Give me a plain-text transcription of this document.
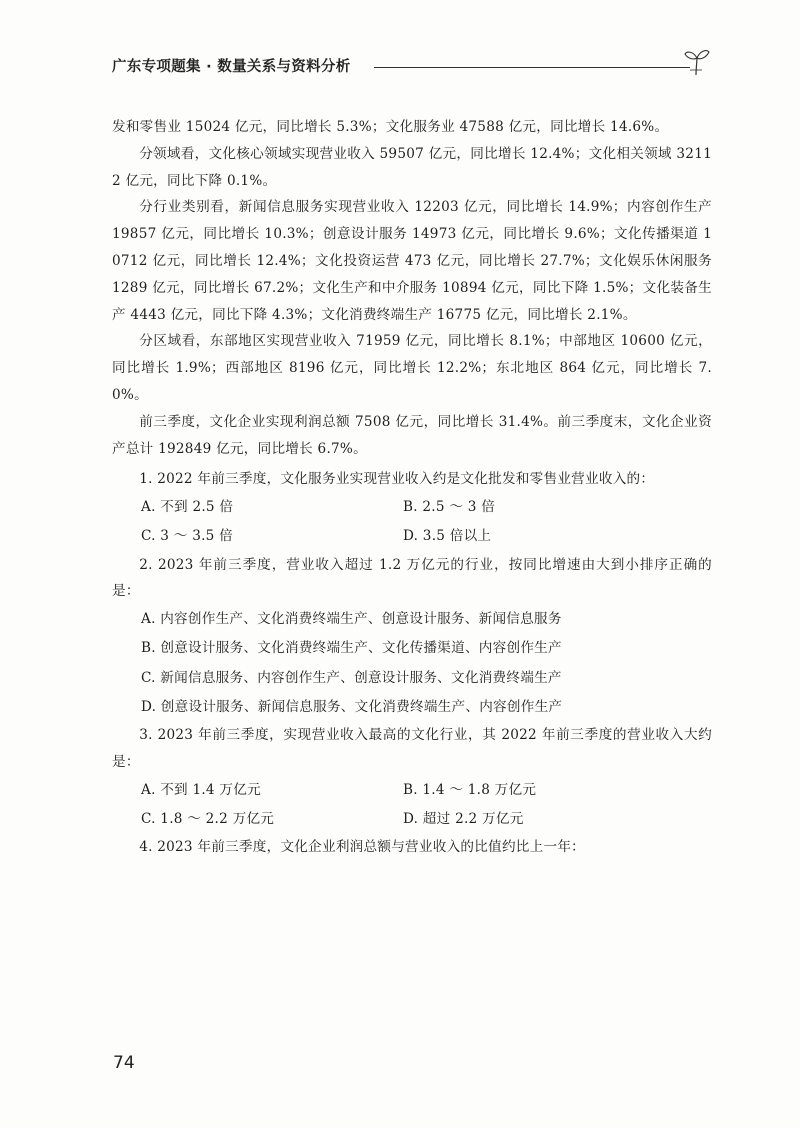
广东专项题集 · 数量关系与资料分析

发和零售业 15024 亿元，同比增长 5.3%；文化服务业 47588 亿元，同比增长 14.6%。

分领域看，文化核心领域实现营业收入 59507 亿元，同比增长 12.4%；文化相关领域 32112 亿元，同比下降 0.1%。

分行业类别看，新闻信息服务实现营业收入 12203 亿元，同比增长 14.9%；内容创作生产 19857 亿元，同比增长 10.3%；创意设计服务 14973 亿元，同比增长 9.6%；文化传播渠道 10712 亿元，同比增长 12.4%；文化投资运营 473 亿元，同比增长 27.7%；文化娱乐休闲服务 1289 亿元，同比增长 67.2%；文化生产和中介服务 10894 亿元，同比下降 1.5%；文化装备生产 4443 亿元，同比下降 4.3%；文化消费终端生产 16775 亿元，同比增长 2.1%。

分区域看，东部地区实现营业收入 71959 亿元，同比增长 8.1%；中部地区 10600 亿元，同比增长 1.9%；西部地区 8196 亿元，同比增长 12.2%；东北地区 864 亿元，同比增长 7.0%。

前三季度，文化企业实现利润总额 7508 亿元，同比增长 31.4%。前三季度末，文化企业资产总计 192849 亿元，同比增长 6.7%。

1. 2022 年前三季度，文化服务业实现营业收入约是文化批发和零售业营业收入的：

A. 不到 2.5 倍	B. 2.5 ～ 3 倍
C. 3 ～ 3.5 倍	D. 3.5 倍以上

2. 2023 年前三季度，营业收入超过 1.2 万亿元的行业，按同比增速由大到小排序正确的是：

A. 内容创作生产、文化消费终端生产、创意设计服务、新闻信息服务
B. 创意设计服务、文化消费终端生产、文化传播渠道、内容创作生产
C. 新闻信息服务、内容创作生产、创意设计服务、文化消费终端生产
D. 创意设计服务、新闻信息服务、文化消费终端生产、内容创作生产

3. 2023 年前三季度，实现营业收入最高的文化行业，其 2022 年前三季度的营业收入大约是：

A. 不到 1.4 万亿元	B. 1.4 ～ 1.8 万亿元
C. 1.8 ～ 2.2 万亿元	D. 超过 2.2 万亿元

4. 2023 年前三季度，文化企业利润总额与营业收入的比值约比上一年：

74
